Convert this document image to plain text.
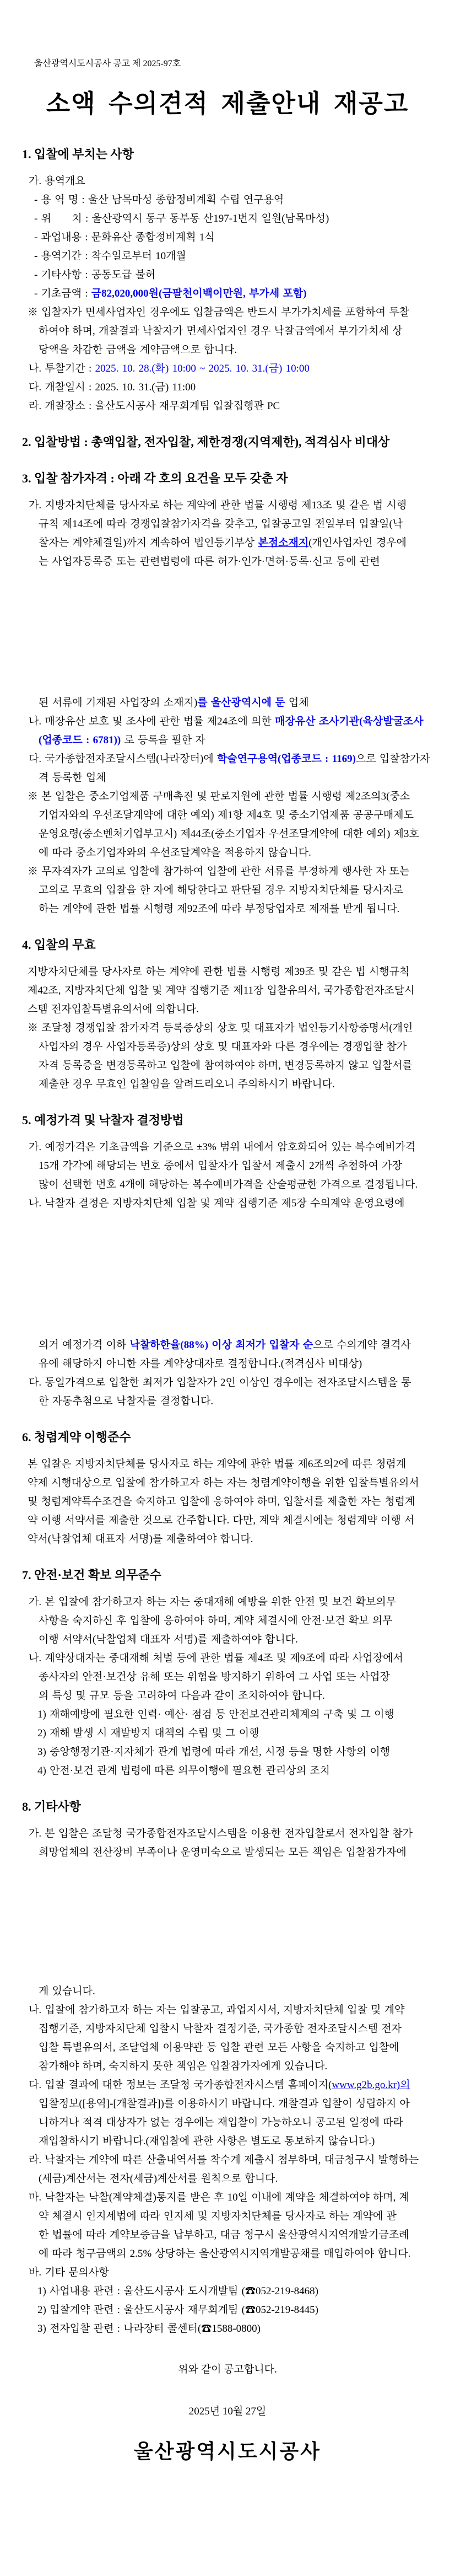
울산광역시도시공사 공고 제 2025-97호
소액 수의견적 제출안내 재공고
1. 입찰에 부치는 사항
가. 용역개요
- 용 역 명 : 울산 남목마성 종합정비계획 수립 연구용역
- 위      치 : 울산광역시 동구 동부동 산197-1번지 일원(남목마성)
- 과업내용 : 문화유산 종합정비계획 1식
- 용역기간 : 착수일로부터 10개월
- 기타사항 : 공동도급 불허
- 기초금액 : 금82,020,000원(금팔천이백이만원, 부가세 포함)
※ 입찰자가 면세사업자인 경우에도 입찰금액은 반드시 부가가치세를 포함하여 투찰
하여야 하며, 개찰결과 낙찰자가 면세사업자인 경우 낙찰금액에서 부가가치세 상
당액을 차감한 금액을 계약금액으로 합니다.
나. 투찰기간 : 2025. 10. 28.(화) 10:00 ~ 2025. 10. 31.(금) 10:00
다. 개찰일시 : 2025. 10. 31.(금) 11:00
라. 개찰장소 : 울산도시공사 재무회계팀 입찰집행관 PC
2. 입찰방법 : 총액입찰, 전자입찰, 제한경쟁(지역제한), 적격심사 비대상
3. 입찰 참가자격 : 아래 각 호의 요건을 모두 갖춘 자
가. 지방자치단체를 당사자로 하는 계약에 관한 법률 시행령 제13조 및 같은 법 시행
규칙 제14조에 따라 경쟁입찰참가자격을 갖추고, 입찰공고일 전일부터 입찰일(낙
찰자는 계약체결일)까지 계속하여 법인등기부상 본점소재지(개인사업자인 경우에
는 사업자등록증 또는 관련법령에 따른 허가·인가·면허·등록·신고 등에 관련
된 서류에 기재된 사업장의 소재지)를 울산광역시에 둔 업체
나. 매장유산 보호 및 조사에 관한 법률 제24조에 의한 매장유산 조사기관(육상발굴조사
(업종코드 : 6781)) 로 등록을 필한 자
다. 국가종합전자조달시스템(나라장터)에 학술연구용역(업종코드 : 1169)으로 입찰참가자
격 등록한 업체
※ 본 입찰은 중소기업제품 구매촉진 및 판로지원에 관한 법률 시행령 제2조의3(중소
기업자와의 우선조달계약에 대한 예외) 제1항 제4호 및 중소기업제품 공공구매제도
운영요령(중소벤처기업부고시) 제44조(중소기업자 우선조달계약에 대한 예외) 제3호
에 따라 중소기업자와의 우선조달계약을 적용하지 않습니다.
※ 무자격자가 고의로 입찰에 참가하여 입찰에 관한 서류를 부정하게 행사한 자 또는
고의로 무효의 입찰을 한 자에 해당한다고 판단될 경우 지방자치단체를 당사자로
하는 계약에 관한 법률 시행령 제92조에 따라 부정당업자로 제재를 받게 됩니다.
4. 입찰의 무효
지방자치단체를 당사자로 하는 계약에 관한 법률 시행령 제39조 및 같은 법 시행규칙
제42조, 지방자치단체 입찰 및 계약 집행기준 제11장 입찰유의서, 국가종합전자조달시
스템 전자입찰특별유의서에 의합니다.
※ 조달청 경쟁입찰 참가자격 등록증상의 상호 및 대표자가 법인등기사항증명서(개인
사업자의 경우 사업자등록증)상의 상호 및 대표자와 다른 경우에는 경쟁입찰 참가
자격 등록증을 변경등록하고 입찰에 참여하여야 하며, 변경등록하지 않고 입찰서를
제출한 경우 무효인 입찰임을 알려드리오니 주의하시기 바랍니다.
5. 예정가격 및 낙찰자 결정방법
가. 예정가격은 기초금액을 기준으로 ±3% 범위 내에서 암호화되어 있는 복수예비가격
15개 각각에 해당되는 번호 중에서 입찰자가 입찰서 제출시 2개씩 추첨하여 가장
많이 선택한 번호 4개에 해당하는 복수예비가격을 산술평균한 가격으로 결정됩니다.
나. 낙찰자 결정은 지방자치단체 입찰 및 계약 집행기준 제5장 수의계약 운영요령에
의거 예정가격 이하 낙찰하한율(88%) 이상 최저가 입찰자 순으로 수의계약 결격사
유에 해당하지 아니한 자를 계약상대자로 결정합니다.(적격심사 비대상)
다. 동일가격으로 입찰한 최저가 입찰자가 2인 이상인 경우에는 전자조달시스템을 통
한 자동추첨으로 낙찰자를 결정합니다.
6. 청렴계약 이행준수
본 입찰은 지방자치단체를 당사자로 하는 계약에 관한 법률 제6조의2에 따른 청렴계
약제 시행대상으로 입찰에 참가하고자 하는 자는 청렴계약이행을 위한 입찰특별유의서
및 청렴계약특수조건을 숙지하고 입찰에 응하여야 하며, 입찰서를 제출한 자는 청렴계
약 이행 서약서를 제출한 것으로 간주합니다. 다만, 계약 체결시에는 청렴계약 이행 서
약서(낙찰업체 대표자 서명)를 제출하여야 합니다.
7. 안전·보건 확보 의무준수
가. 본 입찰에 참가하고자 하는 자는 중대재해 예방을 위한 안전 및 보건 확보의무
사항을 숙지하신 후 입찰에 응하여야 하며, 계약 체결시에 안전·보건 확보 의무
이행 서약서(낙찰업체 대표자 서명)를 제출하여야 합니다.
나. 계약상대자는 중대재해 처벌 등에 관한 법률 제4조 및 제9조에 따라 사업장에서
종사자의 안전·보건상 유해 또는 위험을 방지하기 위하여 그 사업 또는 사업장
의 특성 및 규모 등을 고려하여 다음과 같이 조치하여야 합니다.
1) 재해예방에 필요한 인력· 예산· 점검 등 안전보건관리체계의 구축 및 그 이행
2) 재해 발생 시 재발방지 대책의 수립 및 그 이행
3) 중앙행정기관·지자체가 관계 법령에 따라 개선, 시정 등을 명한 사항의 이행
4) 안전·보건 관계 법령에 따른 의무이행에 필요한 관리상의 조치
8. 기타사항
가. 본 입찰은 조달청 국가종합전자조달시스템을 이용한 전자입찰로서 전자입찰 참가
희망업체의 전산장비 부족이나 운영미숙으로 발생되는 모든 책임은 입찰참가자에
게 있습니다.
나. 입찰에 참가하고자 하는 자는 입찰공고, 과업지시서, 지방자치단체 입찰 및 계약
집행기준, 지방자치단체 입찰시 낙찰자 결정기준, 국가종합 전자조달시스템 전자
입찰 특별유의서, 조달업체 이용약관 등 입찰 관련 모든 사항을 숙지하고 입찰에
참가해야 하며, 숙지하지 못한 책임은 입찰참가자에게 있습니다.
다. 입찰 결과에 대한 정보는 조달청 국가종합전자시스템 홈페이지(www.g2b.go.kr)의
입찰정보([용역]-[개찰결과])를 이용하시기 바랍니다. 개찰결과 입찰이 성립하지 아
니하거나 적격 대상자가 없는 경우에는 재입찰이 가능하오니 공고된 일정에 따라
재입찰하시기 바랍니다.(재입찰에 관한 사항은 별도로 통보하지 않습니다.)
라. 낙찰자는 계약에 따른 산출내역서를 착수계 제출시 첨부하며, 대금청구시 발행하는
(세금)계산서는 전자(세금)계산서를 원칙으로 합니다.
마. 낙찰자는 낙찰(계약체결)통지를 받은 후 10일 이내에 계약을 체결하여야 하며, 계
약 체결시 인지세법에 따라 인지세 및 지방자치단체를 당사자로 하는 계약에 관
한 법률에 따라 계약보증금을 납부하고, 대금 청구시 울산광역시지역개발기금조례
에 따라 청구금액의 2.5% 상당하는 울산광역시지역개발공채를 매입하여야 합니다.
바. 기타 문의사항
1) 사업내용 관련 : 울산도시공사 도시개발팀 (☎052-219-8468)
2) 입찰계약 관련 : 울산도시공사 재무회계팀 (☎052-219-8445)
3) 전자입찰 관련 : 나라장터 콜센터(☎1588-0800)
위와 같이 공고합니다.
2025년 10월 27일
울산광역시도시공사
